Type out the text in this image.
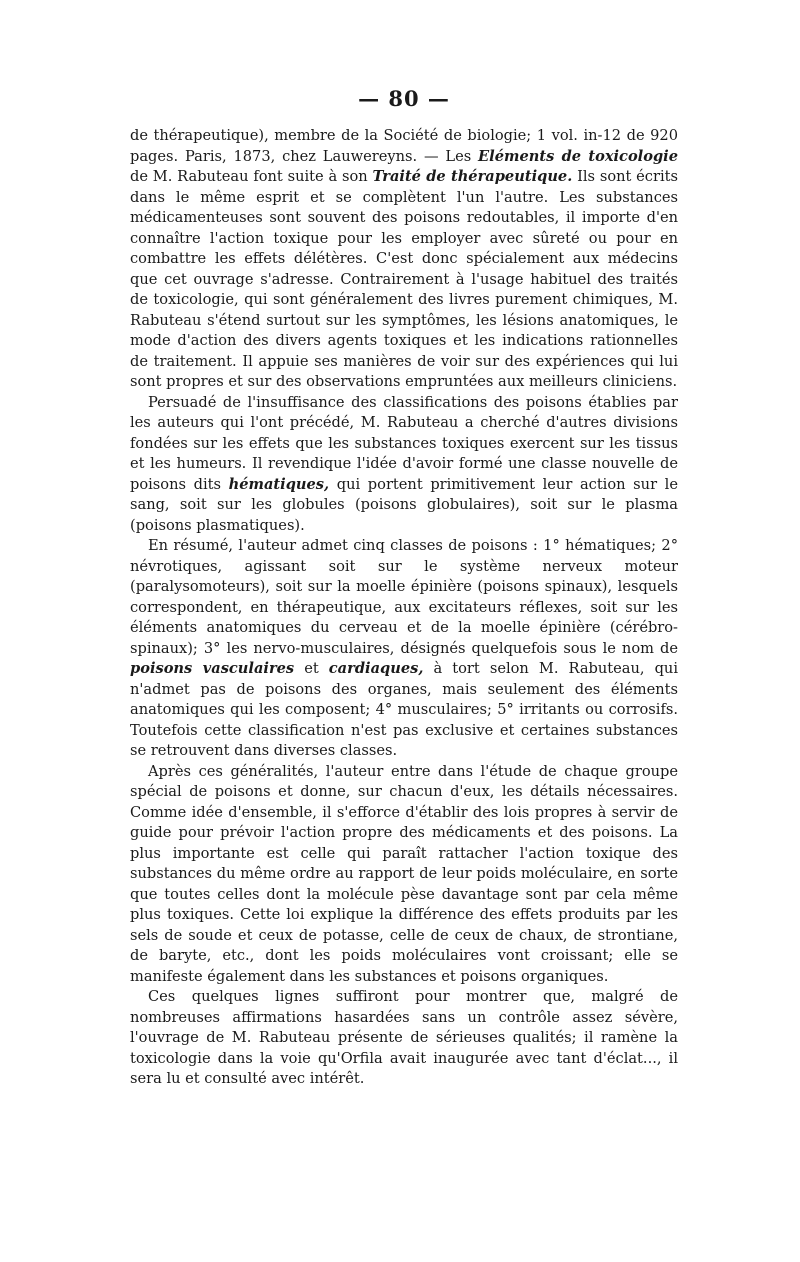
— 80 —

de thérapeutique), membre de la Société de biologie; 1 vol. in-12 de 920 pages. Paris, 1873, chez Lauwereyns. — Les Eléments de toxicologie de M. Rabuteau font suite à son Traité de thérapeutique. Ils sont écrits dans le même esprit et se complètent l'un l'autre. Les substances médicamenteuses sont souvent des poisons redoutables, il importe d'en connaître l'action toxique pour les employer avec sûreté ou pour en combattre les effets délétères. C'est donc spécialement aux médecins que cet ouvrage s'adresse. Contrairement à l'usage habituel des traités de toxicologie, qui sont généralement des livres purement chimiques, M. Rabuteau s'étend surtout sur les symptômes, les lésions anatomiques, le mode d'action des divers agents toxiques et les indications rationnelles de traitement. Il appuie ses manières de voir sur des expériences qui lui sont propres et sur des observations empruntées aux meilleurs cliniciens.

Persuadé de l'insuffisance des classifications des poisons établies par les auteurs qui l'ont précédé, M. Rabuteau a cherché d'autres divisions fondées sur les effets que les substances toxiques exercent sur les tissus et les humeurs. Il revendique l'idée d'avoir formé une classe nouvelle de poisons dits hématiques, qui portent primitivement leur action sur le sang, soit sur les globules (poisons globulaires), soit sur le plasma (poisons plasmatiques).

En résumé, l'auteur admet cinq classes de poisons : 1° hématiques; 2° névrotiques, agissant soit sur le système nerveux moteur (paralysomoteurs), soit sur la moelle épinière (poisons spinaux), lesquels correspondent, en thérapeutique, aux excitateurs réflexes, soit sur les éléments anatomiques du cerveau et de la moelle épinière (cérébro-spinaux); 3° les nervo-musculaires, désignés quelquefois sous le nom de poisons vasculaires et cardiaques, à tort selon M. Rabuteau, qui n'admet pas de poisons des organes, mais seulement des éléments anatomiques qui les composent; 4° musculaires; 5° irritants ou corrosifs. Toutefois cette classification n'est pas exclusive et certaines substances se retrouvent dans diverses classes.

Après ces généralités, l'auteur entre dans l'étude de chaque groupe spécial de poisons et donne, sur chacun d'eux, les détails nécessaires. Comme idée d'ensemble, il s'efforce d'établir des lois propres à servir de guide pour prévoir l'action propre des médicaments et des poisons. La plus importante est celle qui paraît rattacher l'action toxique des substances du même ordre au rapport de leur poids moléculaire, en sorte que toutes celles dont la molécule pèse davantage sont par cela même plus toxiques. Cette loi explique la différence des effets produits par les sels de soude et ceux de potasse, celle de ceux de chaux, de strontiane, de baryte, etc., dont les poids moléculaires vont croissant; elle se manifeste également dans les substances et poisons organiques.

Ces quelques lignes suffiront pour montrer que, malgré de nombreuses affirmations hasardées sans un contrôle assez sévère, l'ouvrage de M. Rabuteau présente de sérieuses qualités; il ramène la toxicologie dans la voie qu'Orfila avait inaugurée avec tant d'éclat..., il sera lu et consulté avec intérêt.
